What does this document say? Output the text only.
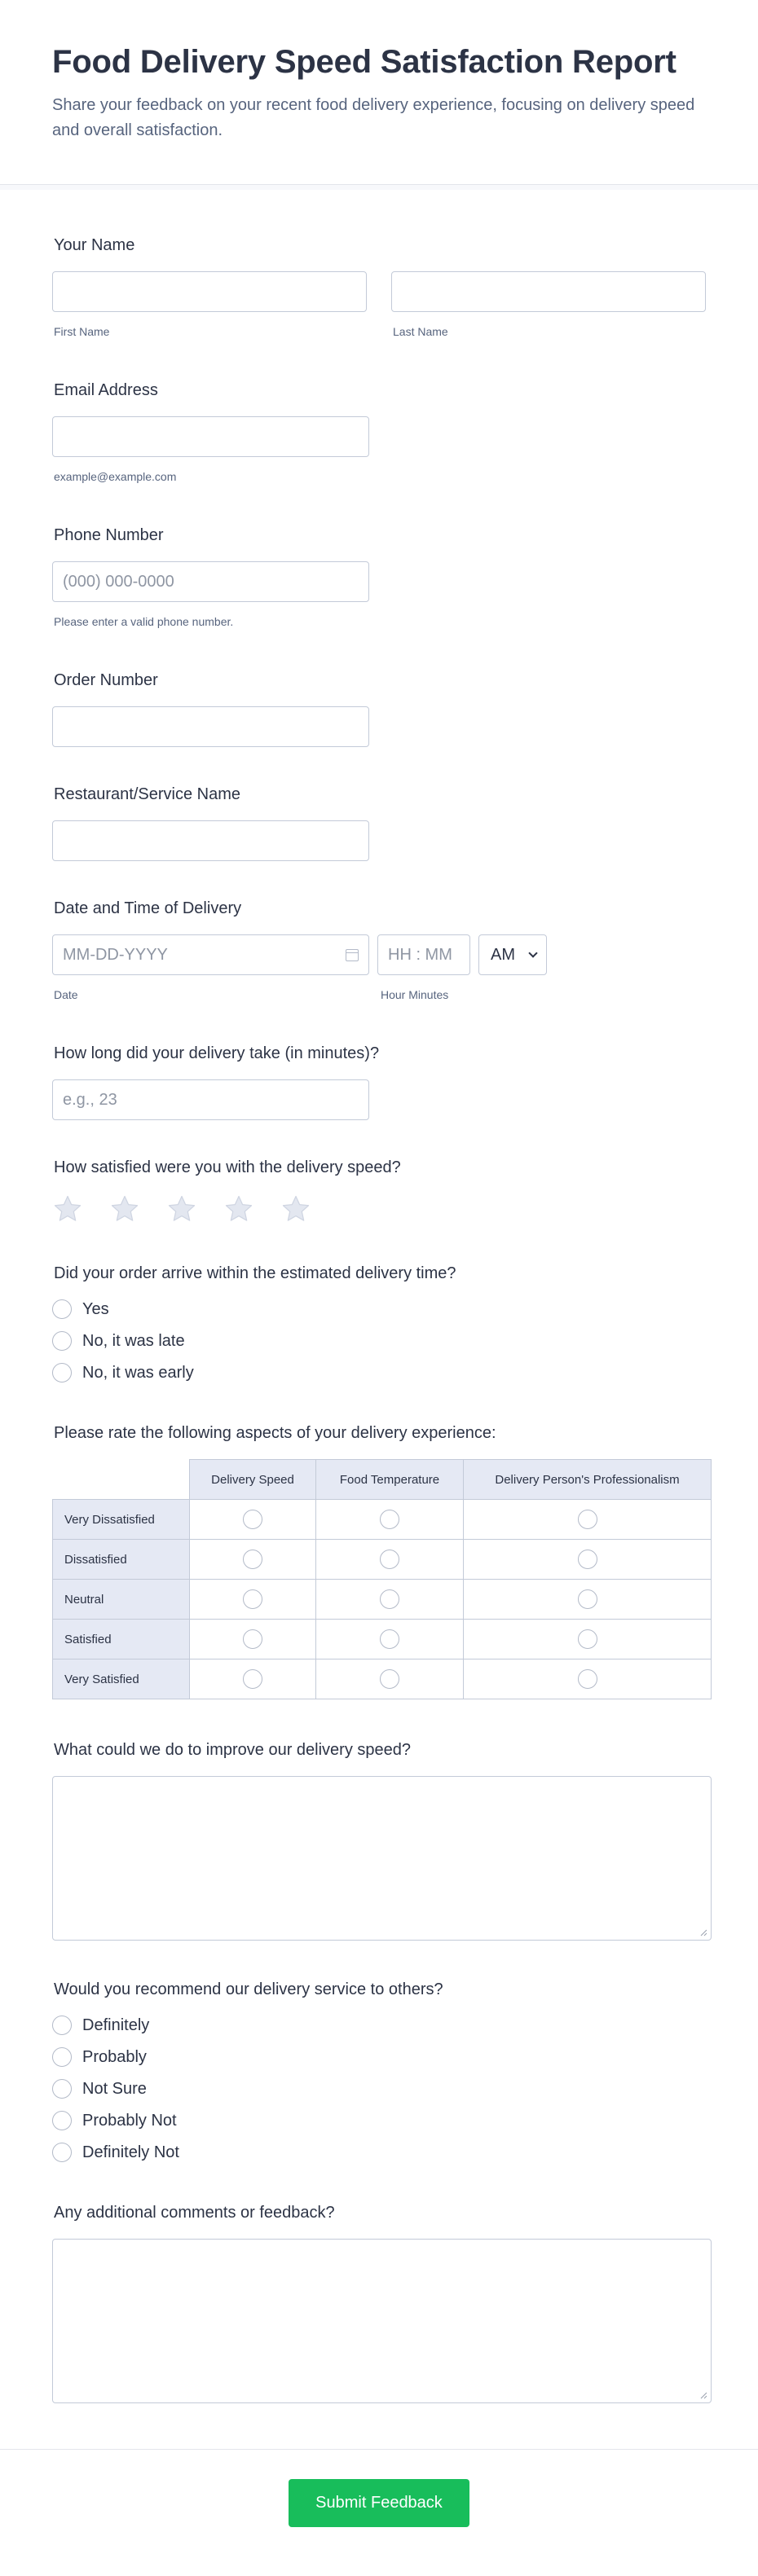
Food Delivery Speed Satisfaction Report

Share your feedback on your recent food delivery experience, focusing on delivery speed and overall satisfaction.

Your Name
First Name	Last Name
Email Address
example@example.com
Phone Number
(000) 000-0000
Please enter a valid phone number.
Order Number
Restaurant/Service Name
Date and Time of Delivery
MM-DD-YYYY	HH : MM	AM
Date	Hour Minutes
How long did your delivery take (in minutes)?
e.g., 23
How satisfied were you with the delivery speed?
Did your order arrive within the estimated delivery time?
Yes
No, it was late
No, it was early
Please rate the following aspects of your delivery experience:
	Delivery Speed	Food Temperature	Delivery Person's Professionalism
Very Dissatisfied			
Dissatisfied			
Neutral			
Satisfied			
Very Satisfied			
What could we do to improve our delivery speed?
Would you recommend our delivery service to others?
Definitely
Probably
Not Sure
Probably Not
Definitely Not
Any additional comments or feedback?
Submit Feedback
